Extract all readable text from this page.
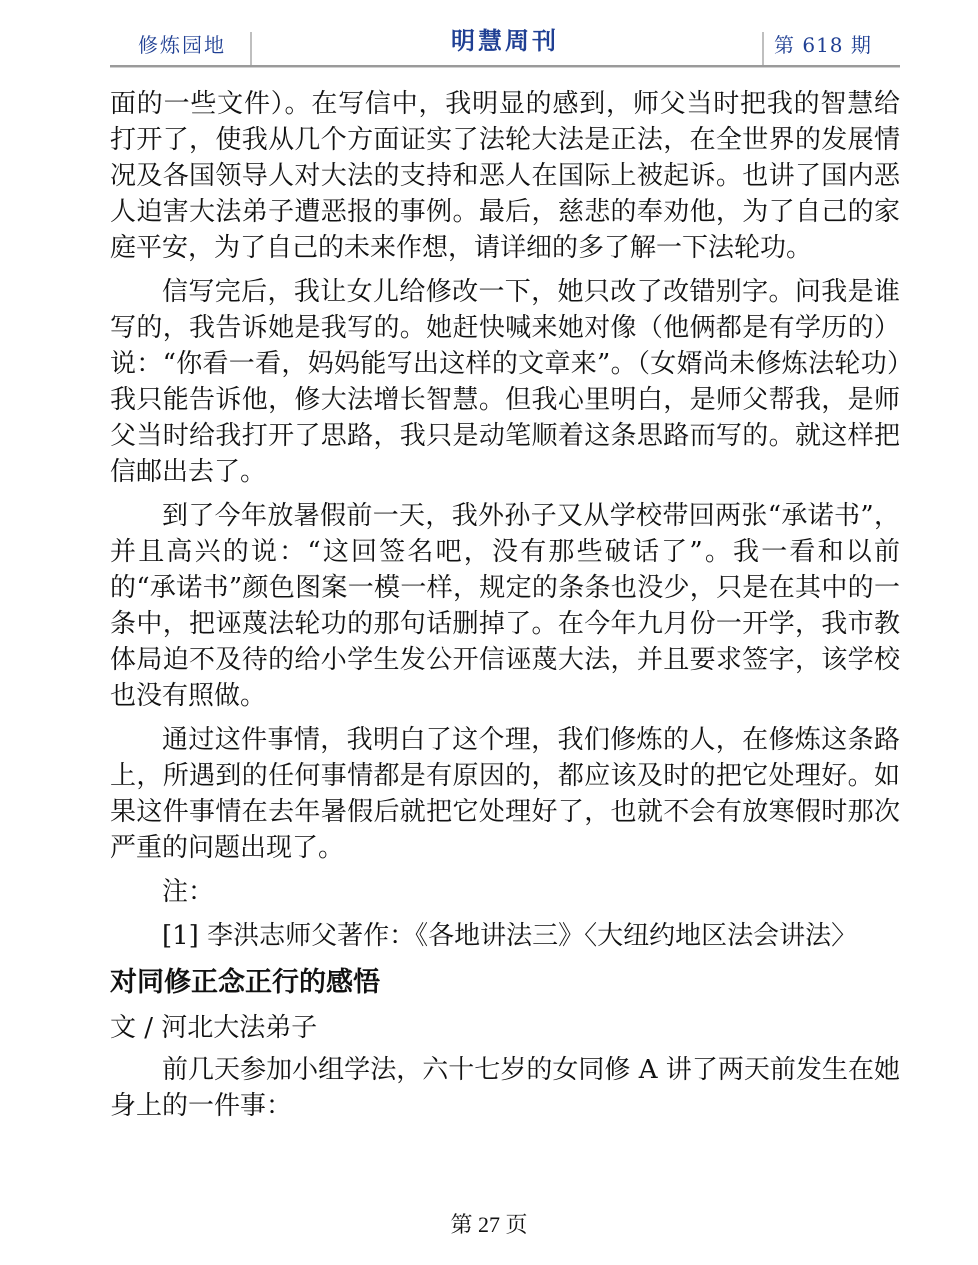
修炼园地	明慧周刊	第 618 期

面的一些文件）。在写信中，我明显的感到，师父当时把我的智慧给打开了，使我从几个方面证实了法轮大法是正法，在全世界的发展情况及各国领导人对大法的支持和恶人在国际上被起诉。也讲了国内恶人迫害大法弟子遭恶报的事例。最后，慈悲的奉劝他，为了自己的家庭平安，为了自己的未来作想，请详细的多了解一下法轮功。

信写完后，我让女儿给修改一下，她只改了改错别字。问我是谁写的，我告诉她是我写的。她赶快喊来她对像（他俩都是有学历的）说：“你看一看，妈妈能写出这样的文章来”。（女婿尚未修炼法轮功）我只能告诉他，修大法增长智慧。但我心里明白，是师父帮我，是师父当时给我打开了思路，我只是动笔顺着这条思路而写的。就这样把信邮出去了。

到了今年放暑假前一天，我外孙子又从学校带回两张“承诺书”，并且高兴的说：“这回签名吧，没有那些破话了”。我一看和以前的“承诺书”颜色图案一模一样，规定的条条也没少，只是在其中的一条中，把诬蔑法轮功的那句话删掉了。在今年九月份一开学，我市教体局迫不及待的给小学生发公开信诬蔑大法，并且要求签字，该学校也没有照做。

通过这件事情，我明白了这个理，我们修炼的人，在修炼这条路上，所遇到的任何事情都是有原因的，都应该及时的把它处理好。如果这件事情在去年暑假后就把它处理好了，也就不会有放寒假时那次严重的问题出现了。

注：

[1] 李洪志师父著作：《各地讲法三》〈大纽约地区法会讲法〉

对同修正念正行的感悟

文 / 河北大法弟子

前几天参加小组学法，六十七岁的女同修 A 讲了两天前发生在她身上的一件事：

第 27 页
